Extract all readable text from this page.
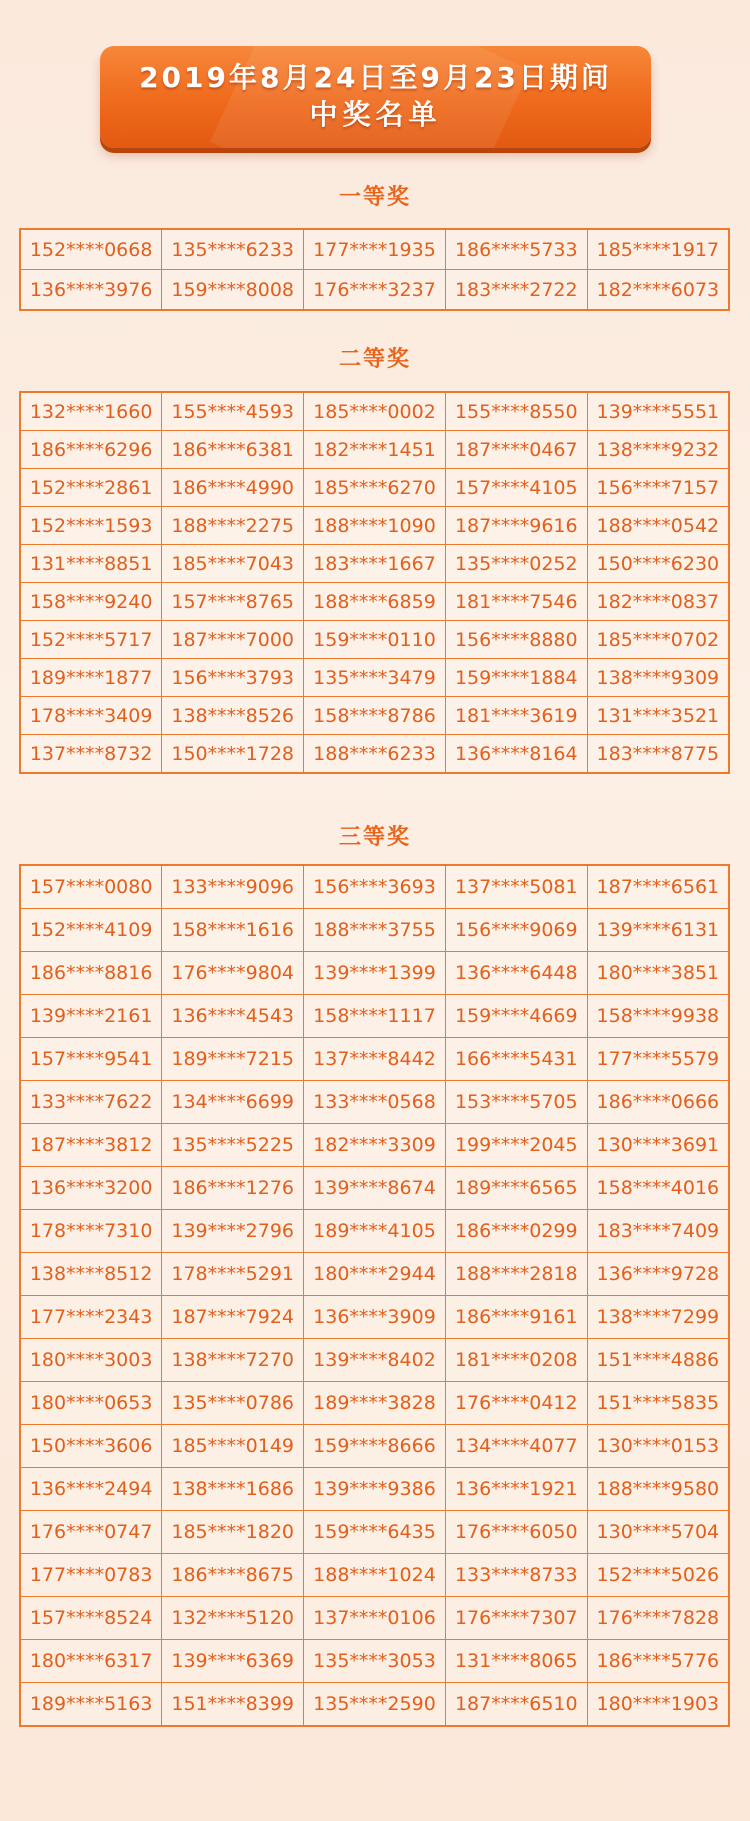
2019年8月24日至9月23日期间
中奖名单
一等奖
152****0668	135****6233	177****1935	186****5733	185****1917
136****3976	159****8008	176****3237	183****2722	182****6073
二等奖
132****1660	155****4593	185****0002	155****8550	139****5551
186****6296	186****6381	182****1451	187****0467	138****9232
152****2861	186****4990	185****6270	157****4105	156****7157
152****1593	188****2275	188****1090	187****9616	188****0542
131****8851	185****7043	183****1667	135****0252	150****6230
158****9240	157****8765	188****6859	181****7546	182****0837
152****5717	187****7000	159****0110	156****8880	185****0702
189****1877	156****3793	135****3479	159****1884	138****9309
178****3409	138****8526	158****8786	181****3619	131****3521
137****8732	150****1728	188****6233	136****8164	183****8775
三等奖
157****0080	133****9096	156****3693	137****5081	187****6561
152****4109	158****1616	188****3755	156****9069	139****6131
186****8816	176****9804	139****1399	136****6448	180****3851
139****2161	136****4543	158****1117	159****4669	158****9938
157****9541	189****7215	137****8442	166****5431	177****5579
133****7622	134****6699	133****0568	153****5705	186****0666
187****3812	135****5225	182****3309	199****2045	130****3691
136****3200	186****1276	139****8674	189****6565	158****4016
178****7310	139****2796	189****4105	186****0299	183****7409
138****8512	178****5291	180****2944	188****2818	136****9728
177****2343	187****7924	136****3909	186****9161	138****7299
180****3003	138****7270	139****8402	181****0208	151****4886
180****0653	135****0786	189****3828	176****0412	151****5835
150****3606	185****0149	159****8666	134****4077	130****0153
136****2494	138****1686	139****9386	136****1921	188****9580
176****0747	185****1820	159****6435	176****6050	130****5704
177****0783	186****8675	188****1024	133****8733	152****5026
157****8524	132****5120	137****0106	176****7307	176****7828
180****6317	139****6369	135****3053	131****8065	186****5776
189****5163	151****8399	135****2590	187****6510	180****1903
